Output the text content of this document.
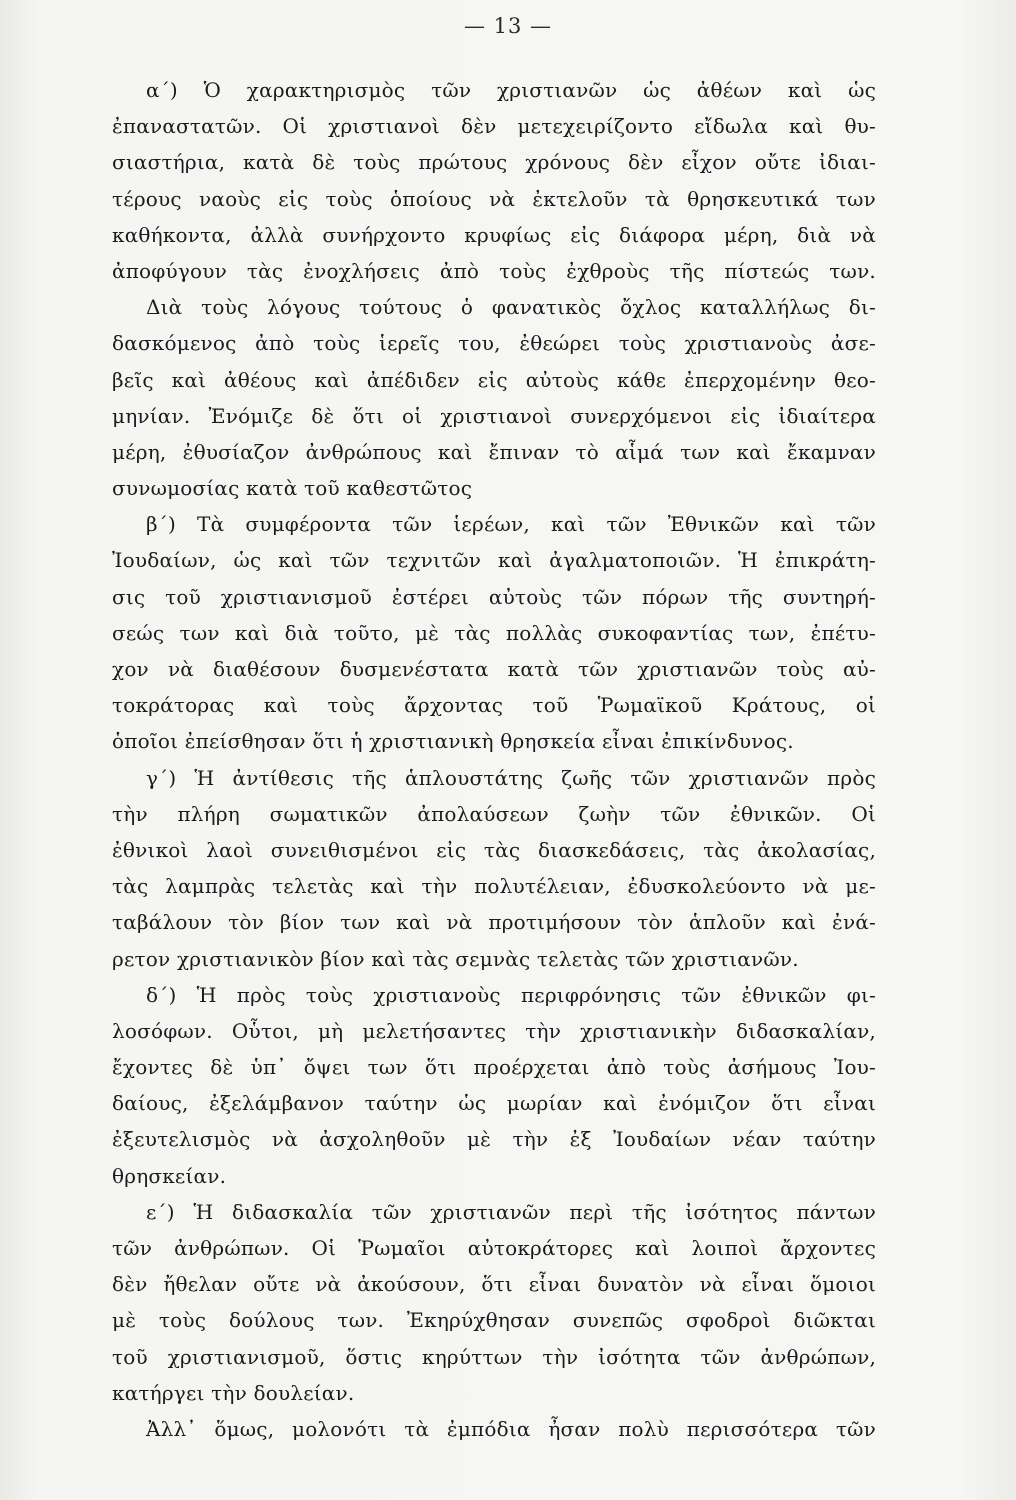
— 13 —
α΄) Ὁ χαρακτηρισμὸς τῶν χριστιανῶν ὡς ἀθέων καὶ ὡς
ἐπαναστατῶν. Οἱ χριστιανοὶ δὲν μετεχειρίζοντο εἴδωλα καὶ θυ-
σιαστήρια, κατὰ δὲ τοὺς πρώτους χρόνους δὲν εἶχον οὔτε ἰδιαι-
τέρους ναοὺς εἰς τοὺς ὁποίους νὰ ἐκτελοῦν τὰ θρησκευτικά των
καθήκοντα, ἀλλὰ συνήρχοντο κρυφίως εἰς διάφορα μέρη, διὰ νὰ
ἀποφύγουν τὰς ἐνοχλήσεις ἀπὸ τοὺς ἐχθροὺς τῆς πίστεώς των.
Διὰ τοὺς λόγους τούτους ὁ φανατικὸς ὄχλος καταλλήλως δι-
δασκόμενος ἀπὸ τοὺς ἱερεῖς του, ἐθεώρει τοὺς χριστιανοὺς ἀσε-
βεῖς καὶ ἀθέους καὶ ἀπέδιδεν εἰς αὐτοὺς κάθε ἐπερχομένην θεο-
μηνίαν. Ἐνόμιζε δὲ ὅτι οἱ χριστιανοὶ συνερχόμενοι εἰς ἰδιαίτερα
μέρη, ἐθυσίαζον ἀνθρώπους καὶ ἔπιναν τὸ αἷμά των καὶ ἔκαμναν
συνωμοσίας κατὰ τοῦ καθεστῶτος
β΄) Τὰ συμφέροντα τῶν ἱερέων, καὶ τῶν Ἐθνικῶν καὶ τῶν
Ἰουδαίων, ὡς καὶ τῶν τεχνιτῶν καὶ ἀγαλματοποιῶν. Ἡ ἐπικράτη-
σις τοῦ χριστιανισμοῦ ἐστέρει αὐτοὺς τῶν πόρων τῆς συντηρή-
σεώς των καὶ διὰ τοῦτο, μὲ τὰς πολλὰς συκοφαντίας των, ἐπέτυ-
χον νὰ διαθέσουν δυσμενέστατα κατὰ τῶν χριστιανῶν τοὺς αὐ-
τοκράτορας καὶ τοὺς ἄρχοντας τοῦ Ῥωμαϊκοῦ Κράτους, οἱ
ὁποῖοι ἐπείσθησαν ὅτι ἡ χριστιανικὴ θρησκεία εἶναι ἐπικίνδυνος.
γ΄) Ἡ ἀντίθεσις τῆς ἁπλουστάτης ζωῆς τῶν χριστιανῶν πρὸς
τὴν πλήρη σωματικῶν ἀπολαύσεων ζωὴν τῶν ἐθνικῶν. Οἱ
ἐθνικοὶ λαοὶ συνειθισμένοι εἰς τὰς διασκεδάσεις, τὰς ἀκολασίας,
τὰς λαμπρὰς τελετὰς καὶ τὴν πολυτέλειαν, ἐδυσκολεύοντο νὰ με-
ταβάλουν τὸν βίον των καὶ νὰ προτιμήσουν τὸν ἁπλοῦν καὶ ἐνά-
ρετον χριστιανικὸν βίον καὶ τὰς σεμνὰς τελετὰς τῶν χριστιανῶν.
δ΄) Ἡ πρὸς τοὺς χριστιανοὺς περιφρόνησις τῶν ἐθνικῶν φι-
λοσόφων. Οὗτοι, μὴ μελετήσαντες τὴν χριστιανικὴν διδασκαλίαν,
ἔχοντες δὲ ὑπ᾿ ὄψει των ὅτι προέρχεται ἀπὸ τοὺς ἀσήμους Ἰου-
δαίους, ἐξελάμβανον ταύτην ὡς μωρίαν καὶ ἐνόμιζον ὅτι εἶναι
ἐξευτελισμὸς νὰ ἀσχοληθοῦν μὲ τὴν ἐξ Ἰουδαίων νέαν ταύτην
θρησκείαν.
ε΄) Ἡ διδασκαλία τῶν χριστιανῶν περὶ τῆς ἰσότητος πάντων
τῶν ἀνθρώπων. Οἱ Ῥωμαῖοι αὐτοκράτορες καὶ λοιποὶ ἄρχοντες
δὲν ἤθελαν οὔτε νὰ ἀκούσουν, ὅτι εἶναι δυνατὸν νὰ εἶναι ὅμοιοι
μὲ τοὺς δούλους των. Ἐκηρύχθησαν συνεπῶς σφοδροὶ διῶκται
τοῦ χριστιανισμοῦ, ὅστις κηρύττων τὴν ἰσότητα τῶν ἀνθρώπων,
κατήργει τὴν δουλείαν.
Ἀλλ᾿ ὅμως, μολονότι τὰ ἐμπόδια ἦσαν πολὺ περισσότερα τῶν
